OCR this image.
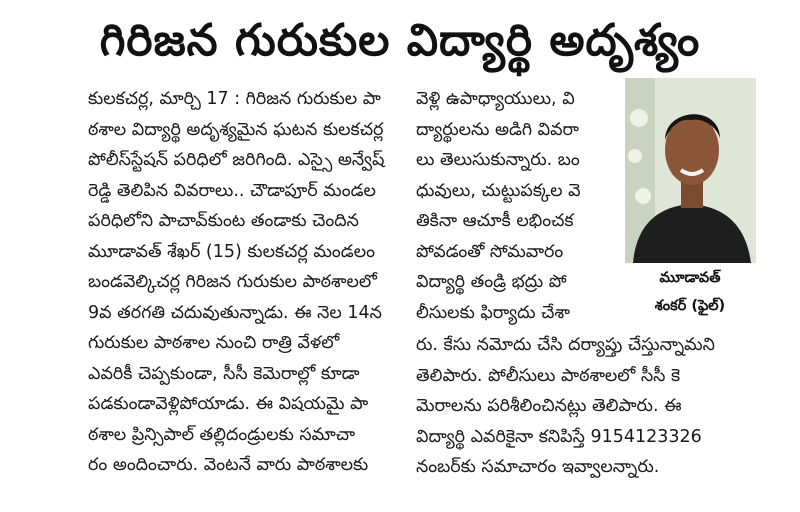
గిరిజన గురుకుల విద్యార్థి అదృశ్యం
కులకచర్ల, మార్చి 17 : గిరిజన గురుకుల పా
ఠశాల విద్యార్థి అదృశ్యమైన ఘటన కులకచర్ల
పోలీస్‌స్టేషన్ పరిధిలో జరిగింది. ఎస్సై అన్వేష్
రెడ్డి తెలిపిన వివరాలు.. చౌడాపూర్ మండల
పరిధిలోని పాచావ్‌కుంట తండాకు చెందిన
మూడావత్ శేఖర్ (15) కులకచర్ల మండలం
బండవెల్కిచర్ల గిరిజన గురుకుల పాఠశాలలో
9వ తరగతి చదువుతున్నాడు. ఈ నెల 14న
గురుకుల పాఠశాల నుంచి రాత్రి వేళలో
ఎవరికీ చెప్పకుండా, సీసీ కెమెరాల్లో కూడా
పడకుండావెళ్లిపోయాడు. ఈ విషయమై పా
ఠశాల ప్రిన్సిపాల్ తల్లిదండ్రులకు సమాచా
రం అందించారు. వెంటనే వారు పాఠశాలకు
వెళ్లి ఉపాధ్యాయులు, వి
ద్యార్థులను అడిగి వివరా
లు తెలుసుకున్నారు. బం
ధువులు, చుట్టుపక్కల వె
తికినా ఆచూకీ లభించక
పోవడంతో సోమవారం
విద్యార్థి తండ్రి భద్రు పో
లీసులకు ఫిర్యాదు చేశా
మూడావత్
శంకర్ (ఫైల్)
రు. కేసు నమోదు చేసి దర్యాప్తు చేస్తున్నామని
తెలిపారు. పోలీసులు పాఠశాలలో సీసీ కె
మెరాలను పరిశీలించినట్లు తెలిపారు. ఈ
విద్యార్థి ఎవరికైనా కనిపిస్తే 9154123326
నంబర్‌కు సమాచారం ఇవ్వాలన్నారు.
